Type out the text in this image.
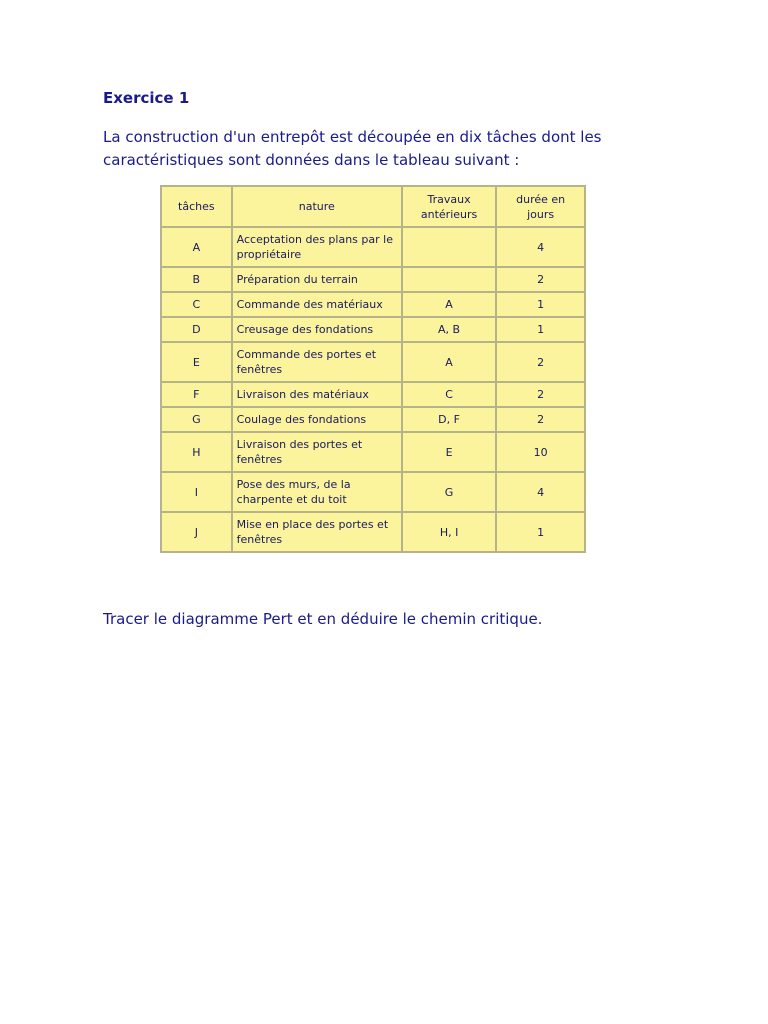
Exercice 1

La construction d'un entrepôt est découpée en dix tâches dont les
caractéristiques sont données dans le tableau suivant :

tâches	nature	Travaux antérieurs	durée en jours
A	Acceptation des plans par le propriétaire		4
B	Préparation du terrain		2
C	Commande des matériaux	A	1
D	Creusage des fondations	A, B	1
E	Commande des portes et fenêtres	A	2
F	Livraison des matériaux	C	2
G	Coulage des fondations	D, F	2
H	Livraison des portes et fenêtres	E	10
I	Pose des murs, de la charpente et du toit	G	4
J	Mise en place des portes et fenêtres	H, I	1

Tracer le diagramme Pert et en déduire le chemin critique.
